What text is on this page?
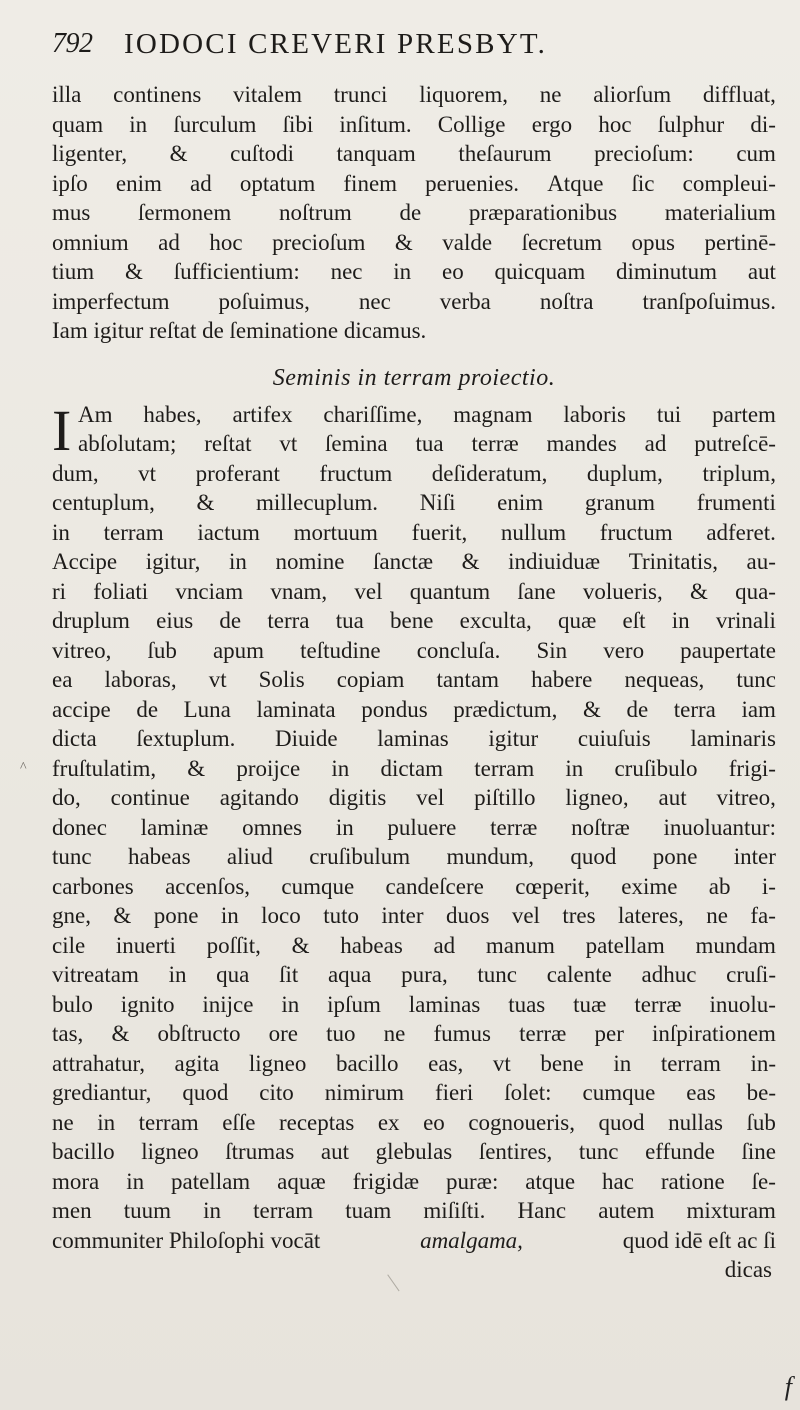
792 IODOCI CREVERI PRESBYT.
illa continens vitalem trunci liquorem, ne aliorſum diffluat,
quam in ſurculum ſibi inſitum. Collige ergo hoc ſulphur di-
ligenter, & cuſtodi tanquam theſaurum precioſum: cum
ipſo enim ad optatum finem peruenies. Atque ſic compleui-
mus ſermonem noſtrum de præparationibus materialium
omnium ad hoc precioſum & valde ſecretum opus pertinē-
tium & ſufficientium: nec in eo quicquam diminutum aut
imperfectum poſuimus, nec verba noſtra tranſpoſuimus.
Iam igitur reſtat de ſeminatione dicamus.
Seminis in terram proiectio.
I Am habes, artifex chariſſime, magnam laboris tui partem
abſolutam; reſtat vt ſemina tua terræ mandes ad putreſcē-
dum, vt proferant fructum deſideratum, duplum, triplum,
centuplum, & millecuplum. Niſi enim granum frumenti
in terram iactum mortuum fuerit, nullum fructum adferet.
Accipe igitur, in nomine ſanctæ & indiuiduæ Trinitatis, au-
ri foliati vnciam vnam, vel quantum ſane volueris, & qua-
druplum eius de terra tua bene exculta, quæ eſt in vrinali
vitreo, ſub apum teſtudine concluſa. Sin vero paupertate
ea laboras, vt Solis copiam tantam habere nequeas, tunc
accipe de Luna laminata pondus prædictum, & de terra iam
dicta ſextuplum. Diuide laminas igitur cuiuſuis laminaris
fruſtulatim, & proijce in dictam terram in cruſibulo frigi-
do, continue agitando digitis vel piſtillo ligneo, aut vitreo,
donec laminæ omnes in puluere terræ noſtræ inuoluantur:
tunc habeas aliud cruſibulum mundum, quod pone inter
carbones accenſos, cumque candeſcere cœperit, exime ab i-
gne, & pone in loco tuto inter duos vel tres lateres, ne fa-
cile inuerti poſſit, & habeas ad manum patellam mundam
vitreatam in qua ſit aqua pura, tunc calente adhuc cruſi-
bulo ignito inijce in ipſum laminas tuas tuæ terræ inuolu-
tas, & obſtructo ore tuo ne fumus terræ per inſpirationem
attrahatur, agita ligneo bacillo eas, vt bene in terram in-
grediantur, quod cito nimirum fieri ſolet: cumque eas be-
ne in terram eſſe receptas ex eo cognoueris, quod nullas ſub
bacillo ligneo ſtrumas aut glebulas ſentires, tunc effunde ſine
mora in patellam aquæ frigidæ puræ: atque hac ratione ſe-
men tuum in terram tuam miſiſti. Hanc autem mixturam
communiter Philoſophi vocāt	amalgama,	quod idē eſt ac ſi
dicas
^
f
